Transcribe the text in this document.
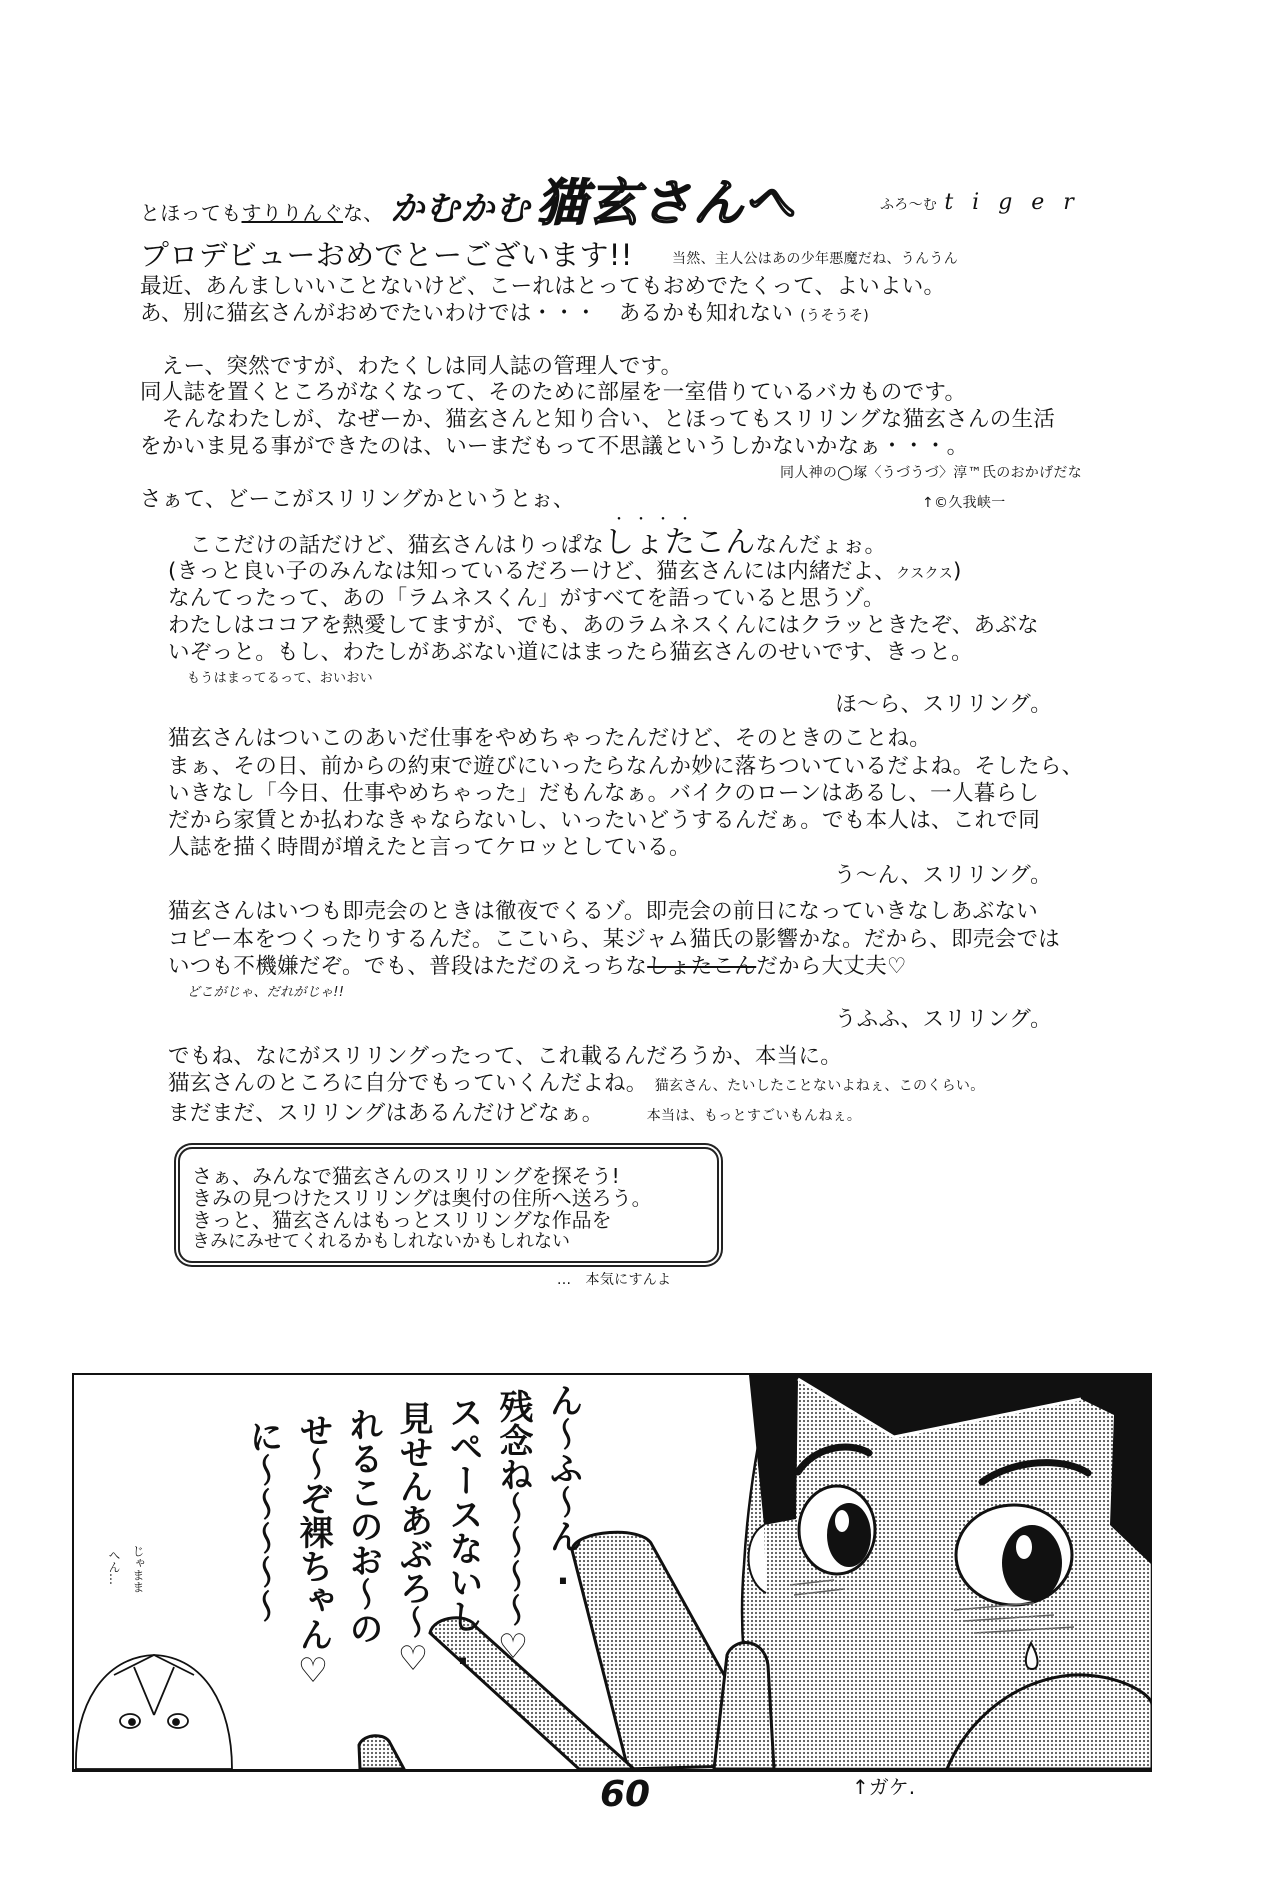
とほってもすりりんぐな、 かむかむ 猫玄さんへ	ふろ〜む t i g e r
プロデビューおめでとーございます!!	当然、主人公はあの少年悪魔だね、うんうん
最近、あんましいいことないけど、こーれはとってもおめでたくって、よいよい。
あ、別に猫玄さんがおめでたいわけでは・・・　あるかも知れない (うそうそ)
　えー、突然ですが、わたくしは同人誌の管理人です。
同人誌を置くところがなくなって、そのために部屋を一室借りているバカものです。
　そんなわたしが、なぜーか、猫玄さんと知り合い、とほってもスリリングな猫玄さんの生活
をかいま見る事ができたのは、いーまだもって不思議というしかないかなぁ・・・。
同人神の◯塚〈うづうづ〉淳™氏のおかげだな
さぁて、どーこがスリリングかというとぉ、	↑©久我峡一
・・・・
　ここだけの話だけど、猫玄さんはりっぱなしょたこんなんだょぉ。
(きっと良い子のみんなは知っているだろーけど、猫玄さんには内緒だよ、クスクス)
なんてったって、あの「ラムネスくん」がすべてを語っていると思うゾ。
わたしはココアを熱愛してますが、でも、あのラムネスくんにはクラッときたぞ、あぶな
いぞっと。もし、わたしがあぶない道にはまったら猫玄さんのせいです、きっと。
もうはまってるって、おいおい
ほ〜ら、スリリング。
猫玄さんはついこのあいだ仕事をやめちゃったんだけど、そのときのことね。
まぁ、その日、前からの約束で遊びにいったらなんか妙に落ちついているだよね。そしたら、
いきなし「今日、仕事やめちゃった」だもんなぁ。バイクのローンはあるし、一人暮らし
だから家賃とか払わなきゃならないし、いったいどうするんだぁ。でも本人は、これで同
人誌を描く時間が増えたと言ってケロッとしている。
う〜ん、スリリング。
猫玄さんはいつも即売会のときは徹夜でくるゾ。即売会の前日になっていきなしあぶない
コピー本をつくったりするんだ。ここいら、某ジャム猫氏の影響かな。だから、即売会では
いつも不機嫌だぞ。でも、普段はただのえっちなしょたこんだから大丈夫♡
どこがじゃ、だれがじゃ!!
うふふ、スリリング。
でもね、なにがスリリングったって、これ載るんだろうか、本当に。
猫玄さんのところに自分でもっていくんだよね。 猫玄さん、たいしたことないよねぇ、このくらい。
まだまだ、スリリングはあるんだけどなぁ。	本当は、もっとすごいもんねぇ。
さぁ、みんなで猫玄さんのスリリングを探そう!
きみの見つけたスリリングは奥付の住所へ送ろう。
きっと、猫玄さんはもっとスリリングな作品を
きみにみせてくれるかもしれないかもしれない
...　本気にすんよ
ん〜ふ〜ん.
残念ね〜〜〜〜♡
スペースないし.
見せんあぶろ〜♡
れるこのお〜の
せ〜ぞ裸ちゃん♡
に〜〜〜〜〜
じゃまま
へん…
60	↑ガケ.
